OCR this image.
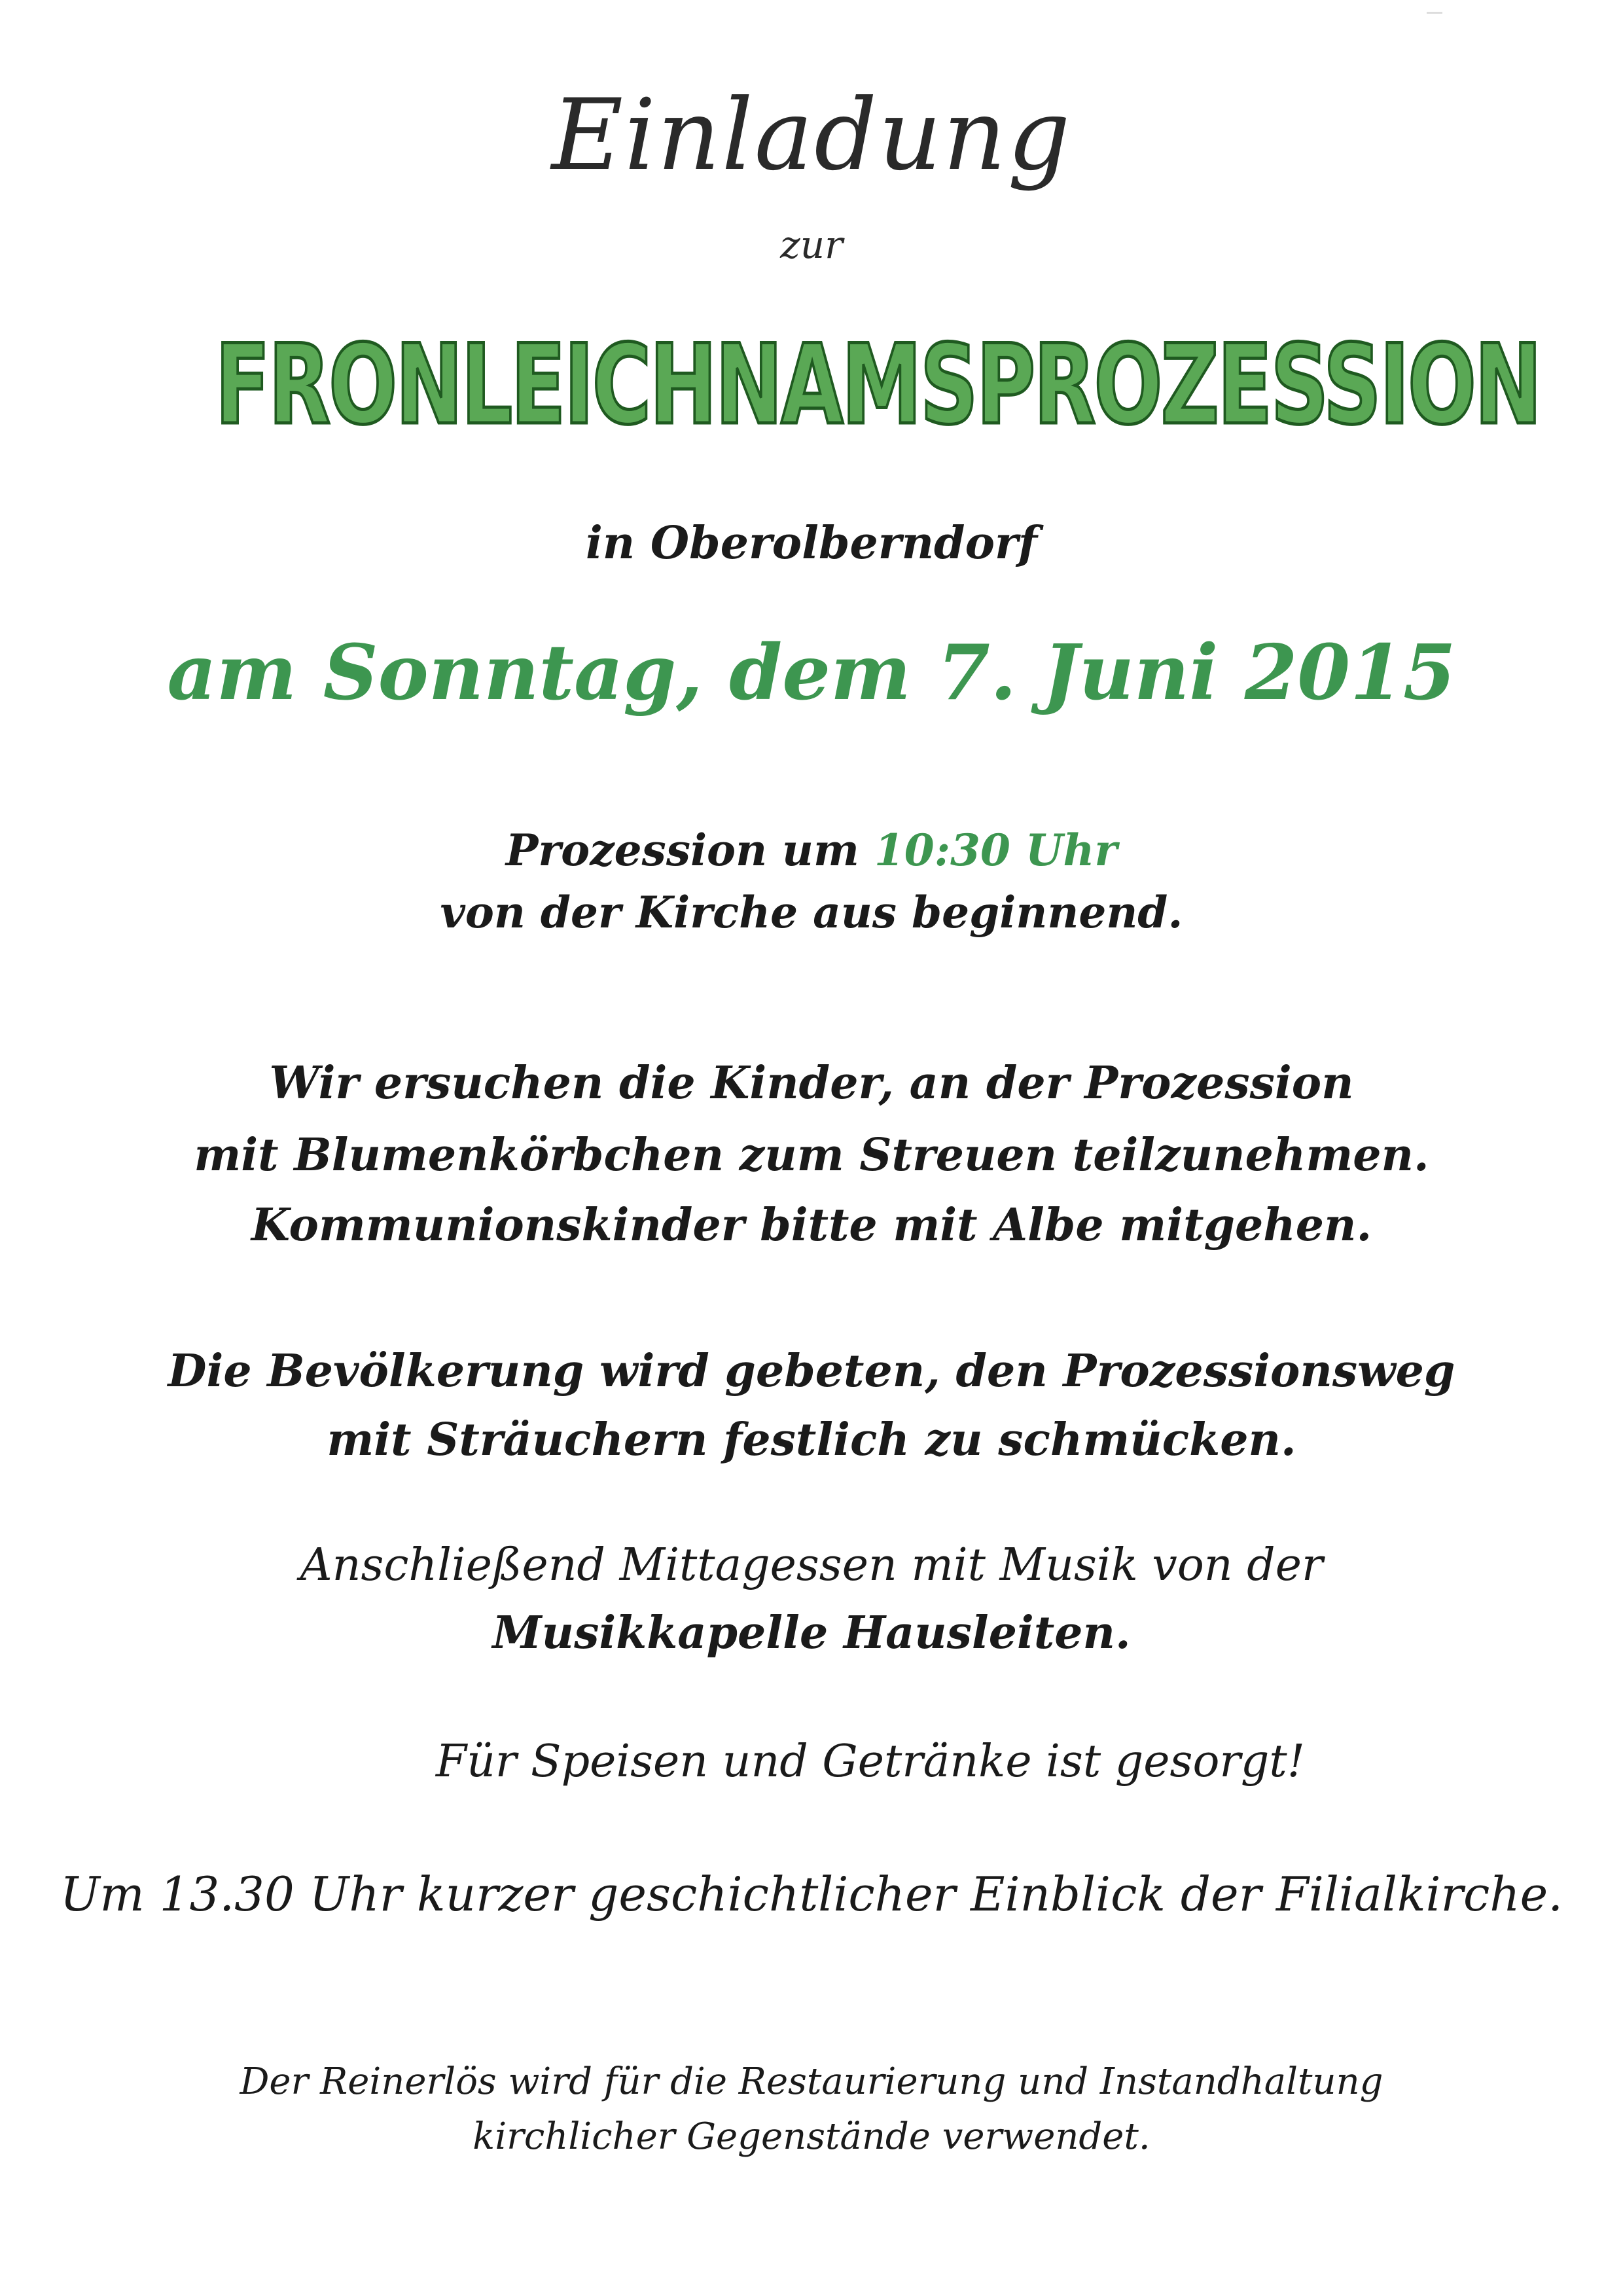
Einladung
zur
FRONLEICHNAMSPROZESSION
in Oberolberndorf
am Sonntag, dem 7. Juni 2015
Prozession um 10:30 Uhr
von der Kirche aus beginnend.
Wir ersuchen die Kinder, an der Prozession
mit Blumenkörbchen zum Streuen teilzunehmen.
Kommunionskinder bitte mit Albe mitgehen.
Die Bevölkerung wird gebeten, den Prozessionsweg
mit Sträuchern festlich zu schmücken.
Anschließend Mittagessen mit Musik von der
Musikkapelle Hausleiten.
Für Speisen und Getränke ist gesorgt!
Um 13.30 Uhr kurzer geschichtlicher Einblick der Filialkirche.
Der Reinerlös wird für die Restaurierung und Instandhaltung
kirchlicher Gegenstände verwendet.
